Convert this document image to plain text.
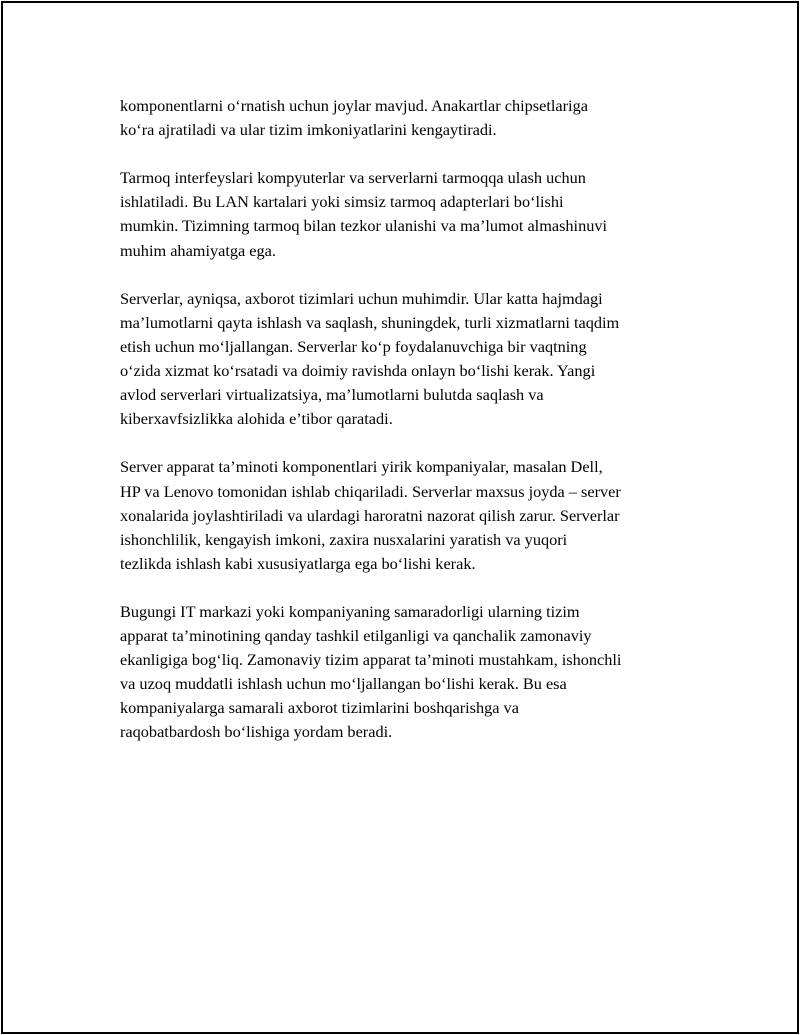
komponentlarni o‘rnatish uchun joylar mavjud. Anakartlar chipsetlariga
ko‘ra ajratiladi va ular tizim imkoniyatlarini kengaytiradi.
Tarmoq interfeyslari kompyuterlar va serverlarni tarmoqqa ulash uchun
ishlatiladi. Bu LAN kartalari yoki simsiz tarmoq adapterlari bo‘lishi
mumkin. Tizimning tarmoq bilan tezkor ulanishi va ma’lumot almashinuvi
muhim ahamiyatga ega.
Serverlar, ayniqsa, axborot tizimlari uchun muhimdir. Ular katta hajmdagi
ma’lumotlarni qayta ishlash va saqlash, shuningdek, turli xizmatlarni taqdim
etish uchun mo‘ljallangan. Serverlar ko‘p foydalanuvchiga bir vaqtning
o‘zida xizmat ko‘rsatadi va doimiy ravishda onlayn bo‘lishi kerak. Yangi
avlod serverlari virtualizatsiya, ma’lumotlarni bulutda saqlash va
kiberxavfsizlikka alohida e’tibor qaratadi.
Server apparat ta’minoti komponentlari yirik kompaniyalar, masalan Dell,
HP va Lenovo tomonidan ishlab chiqariladi. Serverlar maxsus joyda – server
xonalarida joylashtiriladi va ulardagi haroratni nazorat qilish zarur. Serverlar
ishonchlilik, kengayish imkoni, zaxira nusxalarini yaratish va yuqori
tezlikda ishlash kabi xususiyatlarga ega bo‘lishi kerak.
Bugungi IT markazi yoki kompaniyaning samaradorligi ularning tizim
apparat ta’minotining qanday tashkil etilganligi va qanchalik zamonaviy
ekanligiga bog‘liq. Zamonaviy tizim apparat ta’minoti mustahkam, ishonchli
va uzoq muddatli ishlash uchun mo‘ljallangan bo‘lishi kerak. Bu esa
kompaniyalarga samarali axborot tizimlarini boshqarishga va
raqobatbardosh bo‘lishiga yordam beradi.
